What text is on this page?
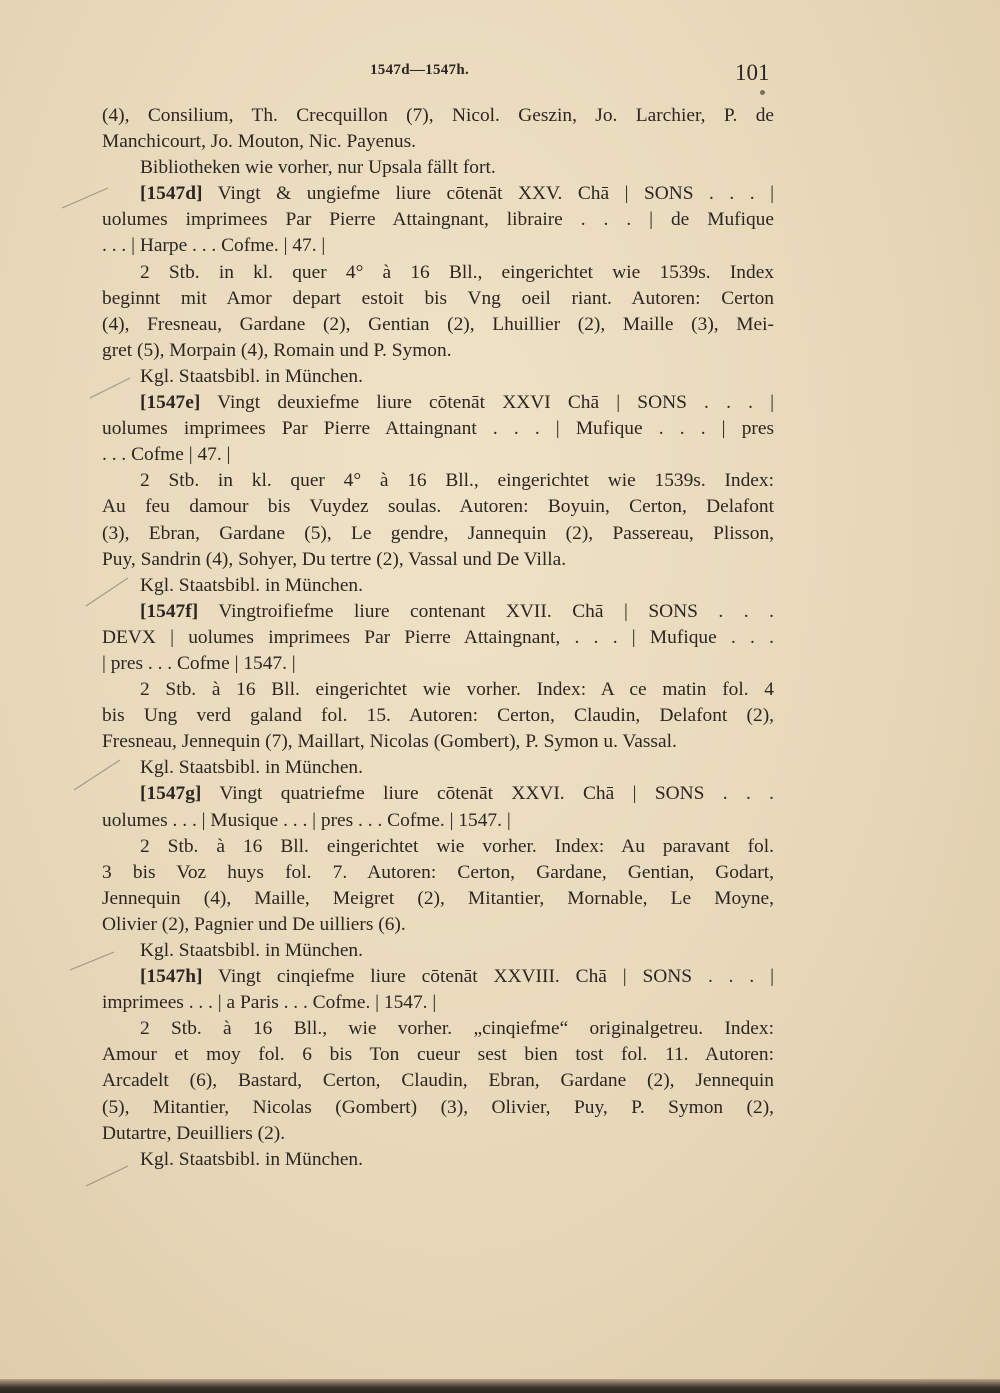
1547d—1547h.	101
(4), Consilium, Th. Crecquillon (7), Nicol. Geszin, Jo. Larchier, P. de
Manchicourt, Jo. Mouton, Nic. Payenus.
Bibliotheken wie vorher, nur Upsala fällt fort.
[1547d] Vingt & ungiefme liure cōtenāt XXV. Chā | SONS . . . |
uolumes imprimees Par Pierre Attaingnant, libraire . . . | de Mufique
. . . | Harpe . . . Cofme. | 47. |
2 Stb. in kl. quer 4° à 16 Bll., eingerichtet wie 1539s. Index
beginnt mit Amor depart estoit bis Vng oeil riant. Autoren: Certon
(4), Fresneau, Gardane (2), Gentian (2), Lhuillier (2), Maille (3), Mei-
gret (5), Morpain (4), Romain und P. Symon.
Kgl. Staatsbibl. in München.
[1547e] Vingt deuxiefme liure cōtenāt XXVI Chā | SONS . . . |
uolumes imprimees Par Pierre Attaingnant . . . | Mufique . . . | pres
. . . Cofme | 47. |
2 Stb. in kl. quer 4° à 16 Bll., eingerichtet wie 1539s. Index:
Au feu damour bis Vuydez soulas. Autoren: Boyuin, Certon, Delafont
(3), Ebran, Gardane (5), Le gendre, Jannequin (2), Passereau, Plisson,
Puy, Sandrin (4), Sohyer, Du tertre (2), Vassal und De Villa.
Kgl. Staatsbibl. in München.
[1547f] Vingtroifiefme liure contenant XVII. Chā | SONS . . .
DEVX | uolumes imprimees Par Pierre Attaingnant, . . . | Mufique . . .
| pres . . . Cofme | 1547. |
2 Stb. à 16 Bll. eingerichtet wie vorher. Index: A ce matin fol. 4
bis Ung verd galand fol. 15. Autoren: Certon, Claudin, Delafont (2),
Fresneau, Jennequin (7), Maillart, Nicolas (Gombert), P. Symon u. Vassal.
Kgl. Staatsbibl. in München.
[1547g] Vingt quatriefme liure cōtenāt XXVI. Chā | SONS . . .
uolumes . . . | Musique . . . | pres . . . Cofme. | 1547. |
2 Stb. à 16 Bll. eingerichtet wie vorher. Index: Au paravant fol.
3 bis Voz huys fol. 7. Autoren: Certon, Gardane, Gentian, Godart,
Jennequin (4), Maille, Meigret (2), Mitantier, Mornable, Le Moyne,
Olivier (2), Pagnier und De uilliers (6).
Kgl. Staatsbibl. in München.
[1547h] Vingt cinqiefme liure cōtenāt XXVIII. Chā | SONS . . . |
imprimees . . . | a Paris . . . Cofme. | 1547. |
2 Stb. à 16 Bll., wie vorher. „cinqiefme“ originalgetreu. Index:
Amour et moy fol. 6 bis Ton cueur sest bien tost fol. 11. Autoren:
Arcadelt (6), Bastard, Certon, Claudin, Ebran, Gardane (2), Jennequin
(5), Mitantier, Nicolas (Gombert) (3), Olivier, Puy, P. Symon (2),
Dutartre, Deuilliers (2).
Kgl. Staatsbibl. in München.
